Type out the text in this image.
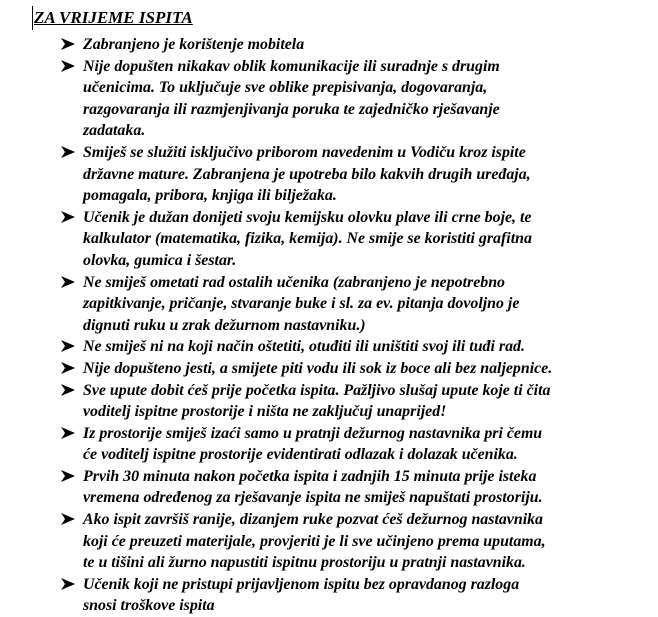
ZA VRIJEME ISPITA
Zabranjeno je korištenje mobitela
Nije dopušten nikakav oblik komunikacije ili suradnje s drugim
učenicima. To uključuje sve oblike prepisivanja, dogovaranja,
razgovaranja ili razmjenjivanja poruka te zajedničko rješavanje
zadataka.
Smiješ se služiti isključivo priborom navedenim u Vodiču kroz ispite
državne mature. Zabranjena je upotreba bilo kakvih drugih uređaja,
pomagala, pribora, knjiga ili bilježaka.
Učenik je dužan donijeti svoju kemijsku olovku plave ili crne boje, te
kalkulator (matematika, fizika, kemija). Ne smije se koristiti grafitna
olovka, gumica i šestar.
Ne smiješ ometati rad ostalih učenika (zabranjeno je nepotrebno
zapitkivanje, pričanje, stvaranje buke i sl. za ev. pitanja dovoljno je
dignuti ruku u zrak dežurnom nastavniku.)
Ne smiješ ni na koji način oštetiti, otuđiti ili uništiti svoj ili tuđi rad.
Nije dopušteno jesti, a smijete piti vodu ili sok iz boce ali bez naljepnice.
Sve upute dobit ćeš prije početka ispita. Pažljivo slušaj upute koje ti čita
voditelj ispitne prostorije i ništa ne zaključuj unaprijed!
Iz prostorije smiješ izaći samo u pratnji dežurnog nastavnika pri čemu
će voditelj ispitne prostorije evidentirati odlazak i dolazak učenika.
Prvih 30 minuta nakon početka ispita i zadnjih 15 minuta prije isteka
vremena određenog za rješavanje ispita ne smiješ napuštati prostoriju.
Ako ispit završiš ranije, dizanjem ruke pozvat ćeš dežurnog nastavnika
koji će preuzeti materijale, provjeriti je li sve učinjeno prema uputama,
te u tišini ali žurno napustiti ispitnu prostoriju u pratnji nastavnika.
Učenik koji ne pristupi prijavljenom ispitu bez opravdanog razloga
snosi troškove ispita
